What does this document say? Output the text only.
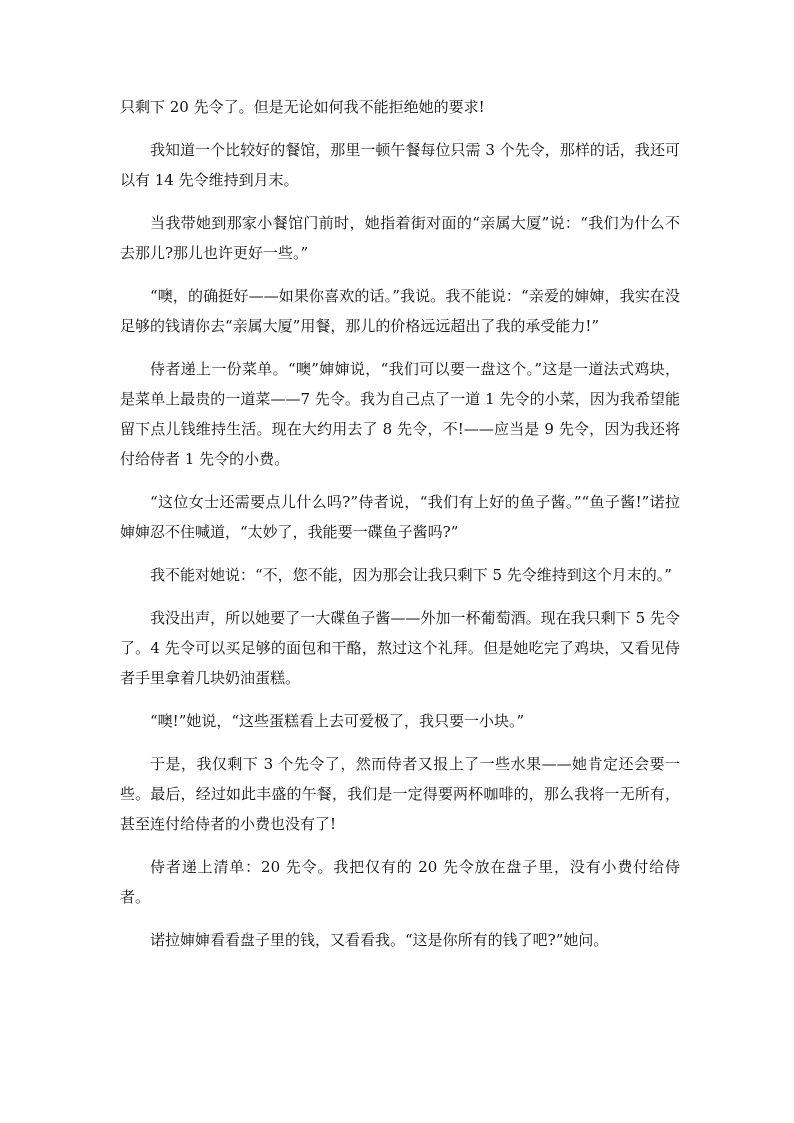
只剩下 20 先令了。但是无论如何我不能拒绝她的要求!

我知道一个比较好的餐馆，那里一顿午餐每位只需 3 个先令，那样的话，我还可以有 14 先令维持到月末。

当我带她到那家小餐馆门前时，她指着街对面的“亲属大厦”说：“我们为什么不去那儿?那儿也许更好一些。”

“噢，的确挺好——如果你喜欢的话。”我说。我不能说：“亲爱的婶婶，我实在没足够的钱请你去“亲属大厦”用餐，那儿的价格远远超出了我的承受能力!”

侍者递上一份菜单。“噢”婶婶说，“我们可以要一盘这个。”这是一道法式鸡块，是菜单上最贵的一道菜——7 先令。我为自己点了一道 1 先令的小菜，因为我希望能留下点儿钱维持生活。现在大约用去了 8 先令，不!——应当是 9 先令，因为我还将付给侍者 1 先令的小费。

“这位女士还需要点儿什么吗?”侍者说，“我们有上好的鱼子酱。”“鱼子酱!”诺拉婶婶忍不住喊道，“太妙了，我能要一碟鱼子酱吗?”

我不能对她说：“不，您不能，因为那会让我只剩下 5 先令维持到这个月末的。”

我没出声，所以她要了一大碟鱼子酱——外加一杯葡萄酒。现在我只剩下 5 先令了。4 先令可以买足够的面包和干酪，熬过这个礼拜。但是她吃完了鸡块，又看见侍者手里拿着几块奶油蛋糕。

“噢!”她说，“这些蛋糕看上去可爱极了，我只要一小块。”

于是，我仅剩下 3 个先令了，然而侍者又报上了一些水果——她肯定还会要一些。最后，经过如此丰盛的午餐，我们是一定得要两杯咖啡的，那么我将一无所有，甚至连付给侍者的小费也没有了!

侍者递上清单：20 先令。我把仅有的 20 先令放在盘子里，没有小费付给侍者。

诺拉婶婶看看盘子里的钱，又看看我。“这是你所有的钱了吧?”她问。
